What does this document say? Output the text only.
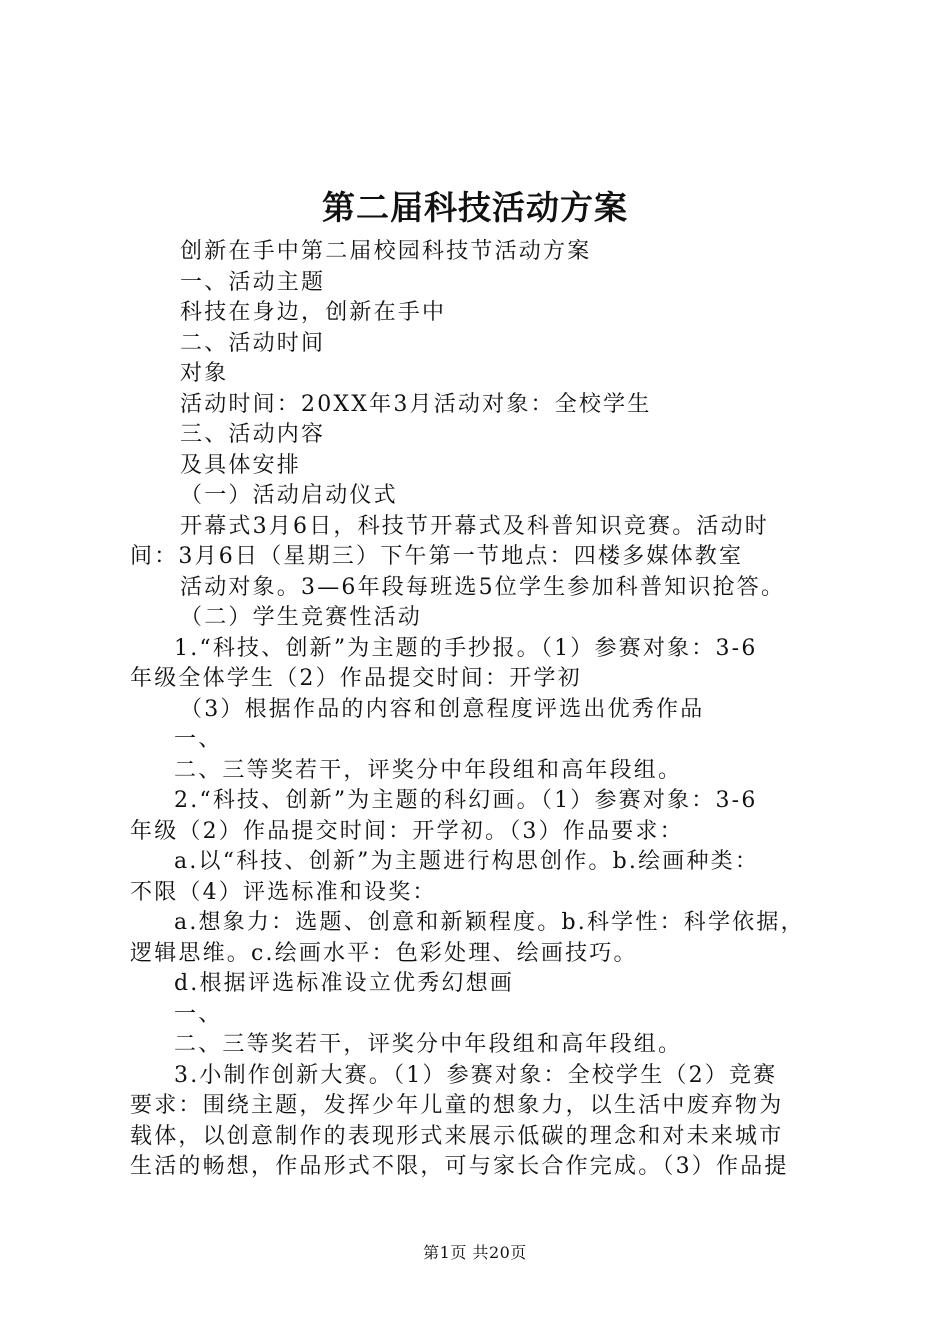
第二届科技活动方案
创新在手中第二届校园科技节活动方案
一、活动主题
科技在身边，创新在手中
二、活动时间
对象
活动时间：20XX年3月活动对象：全校学生
三、活动内容
及具体安排
（一）活动启动仪式
开幕式3月6日，科技节开幕式及科普知识竞赛。活动时
间：3月6日（星期三）下午第一节地点：四楼多媒体教室
活动对象。3—6年段每班选5位学生参加科普知识抢答。
（二）学生竞赛性活动
1.“科技、创新”为主题的手抄报。（1）参赛对象：3-6
年级全体学生（2）作品提交时间：开学初
（3）根据作品的内容和创意程度评选出优秀作品
一、
二、三等奖若干，评奖分中年段组和高年段组。
2.“科技、创新”为主题的科幻画。（1）参赛对象：3-6
年级（2）作品提交时间：开学初。（3）作品要求：
a.以“科技、创新”为主题进行构思创作。b.绘画种类：
不限（4）评选标准和设奖：
a.想象力：选题、创意和新颖程度。b.科学性：科学依据，
逻辑思维。c.绘画水平：色彩处理、绘画技巧。
d.根据评选标准设立优秀幻想画
一、
二、三等奖若干，评奖分中年段组和高年段组。
3.小制作创新大赛。（1）参赛对象：全校学生（2）竞赛
要求：围绕主题，发挥少年儿童的想象力，以生活中废弃物为
载体，以创意制作的表现形式来展示低碳的理念和对未来城市
生活的畅想，作品形式不限，可与家长合作完成。（3）作品提
第1页 共20页
